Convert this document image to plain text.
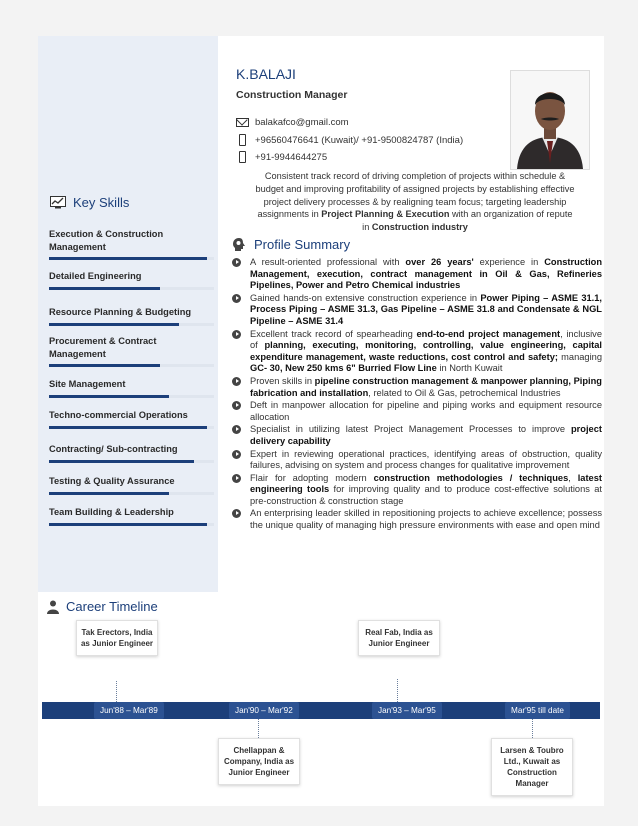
K.BALAJI
Construction Manager
balakafco@gmail.com
+96560476641 (Kuwait)/ +91-9500824787 (India)
+91-9944644275
Consistent track record of driving completion of projects within schedule &
budget and improving profitability of assigned projects by establishing effective
project delivery processes & by realigning team focus; targeting leadership
assignments in Project Planning & Execution with an organization of repute
in Construction industry
Key Skills
Execution & Construction Management
Detailed Engineering
Resource Planning & Budgeting
Procurement & Contract Management
Site Management
Techno-commercial Operations
Contracting/ Sub-contracting
Testing & Quality Assurance
Team Building & Leadership
Profile Summary
A result-oriented professional with over 26 years' experience in Construction Management, execution, contract management in Oil & Gas, Refineries Pipelines, Power and Petro Chemical industries
Gained hands-on extensive construction experience in Power Piping – ASME 31.1, Process Piping – ASME 31.3, Gas Pipeline – ASME 31.8 and Condensate & NGL Pipeline – ASME 31.4
Excellent track record of spearheading end-to-end project management, inclusive of planning, executing, monitoring, controlling, value engineering, capital expenditure management, waste reductions, cost control and safety; managing GC- 30, New 250 kms 6" Burried Flow Line in North Kuwait
Proven skills in pipeline construction management & manpower planning, Piping fabrication and installation, related to Oil & Gas, petrochemical Industries
Deft in manpower allocation for pipeline and piping works and equipment resource allocation
Specialist in utilizing latest Project Management Processes to improve project delivery capability
Expert in reviewing operational practices, identifying areas of obstruction, quality failures, advising on system and process changes for qualitative improvement
Flair for adopting modern construction methodologies / techniques, latest engineering tools for improving quality and to produce cost-effective solutions at pre-construction & construction stage
An enterprising leader skilled in repositioning projects to achieve excellence; possess the unique quality of managing high pressure environments with ease and open mind
Career Timeline
Jun'88 – Mar'89	Jan'90 – Mar'92	Jan'93 – Mar'95	Mar'95 till date
Tak Erectors, India as Junior Engineer
Chellappan & Company, India as Junior Engineer
Real Fab, India as Junior Engineer
Larsen & Toubro Ltd., Kuwait as Construction Manager
